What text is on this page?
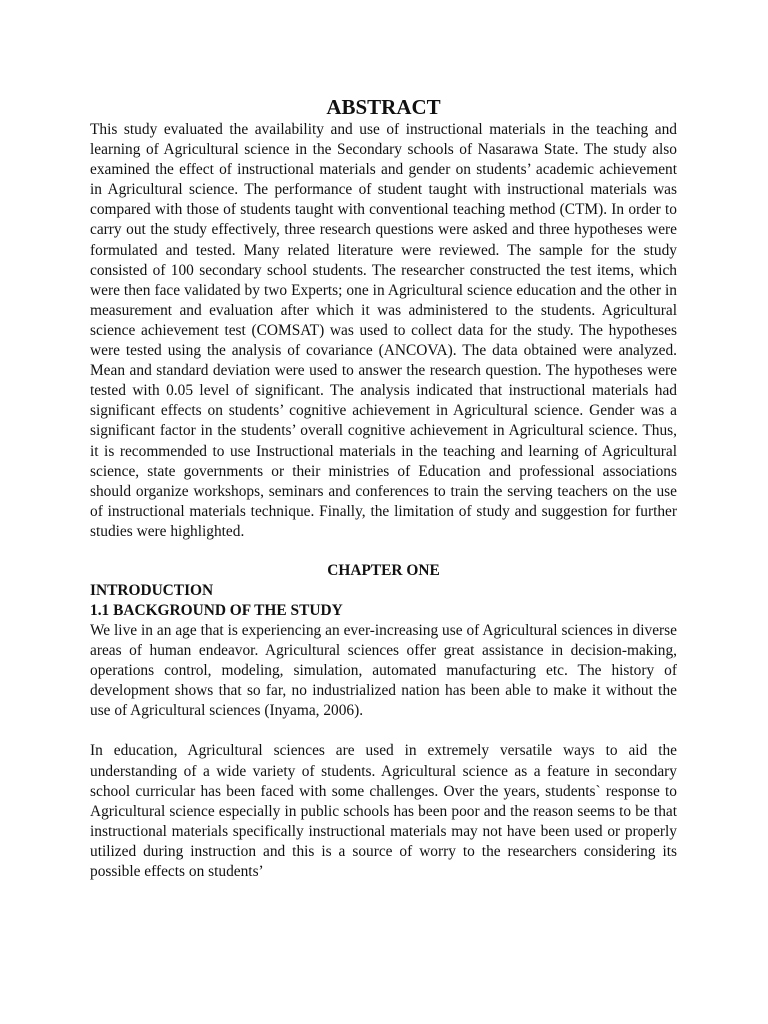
ABSTRACT

This study evaluated the availability and use of instructional materials in the teaching and learning of Agricultural science in the Secondary schools of Nasarawa State. The study also examined the effect of instructional materials and gender on students’ academic achievement in Agricultural science. The performance of student taught with instructional materials was compared with those of students taught with conventional teaching method (CTM). In order to carry out the study effectively, three research questions were asked and three hypotheses were formulated and tested. Many related literature were reviewed. The sample for the study consisted of 100 secondary school students. The researcher constructed the test items, which were then face validated by two Experts; one in Agricultural science education and the other in measurement and evaluation after which it was administered to the students. Agricultural science achievement test (COMSAT) was used to collect data for the study. The hypotheses were tested using the analysis of covariance (ANCOVA). The data obtained were analyzed. Mean and standard deviation were used to answer the research question. The hypotheses were tested with 0.05 level of significant. The analysis indicated that instructional materials had significant effects on students’ cognitive achievement in Agricultural science. Gender was a significant factor in the students’ overall cognitive achievement in Agricultural science. Thus, it is recommended to use Instructional materials in the teaching and learning of Agricultural science, state governments or their ministries of Education and professional associations should organize workshops, seminars and conferences to train the serving teachers on the use of instructional materials technique. Finally, the limitation of study and suggestion for further studies were highlighted.

CHAPTER ONE
INTRODUCTION
1.1 BACKGROUND OF THE STUDY

We live in an age that is experiencing an ever-increasing use of Agricultural sciences in diverse areas of human endeavor. Agricultural sciences offer great assistance in decision-making, operations control, modeling, simulation, automated manufacturing etc. The history of development shows that so far, no industrialized nation has been able to make it without the use of Agricultural sciences (Inyama, 2006).

In education, Agricultural sciences are used in extremely versatile ways to aid the understanding of a wide variety of students. Agricultural science as a feature in secondary school curricular has been faced with some challenges. Over the years, students` response to Agricultural science especially in public schools has been poor and the reason seems to be that instructional materials specifically instructional materials may not have been used or properly utilized during instruction and this is a source of worry to the researchers considering its possible effects on students’
